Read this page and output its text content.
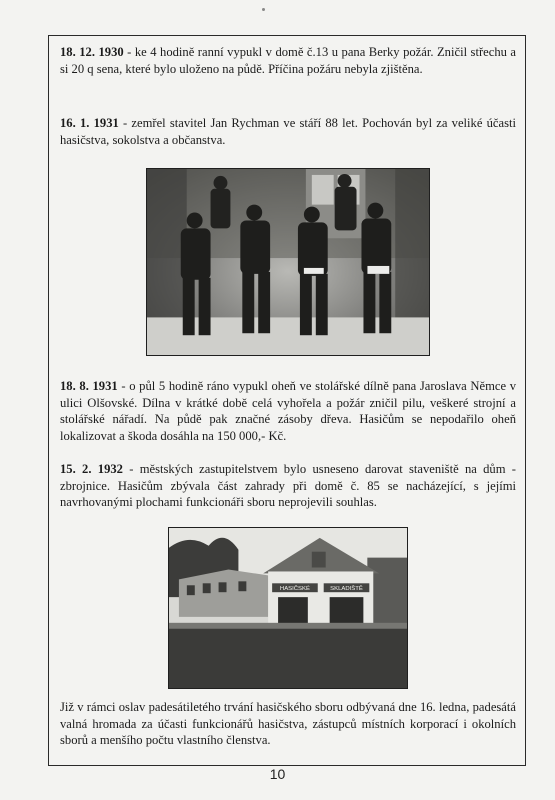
18. 12. 1930 - ke 4 hodině ranní vypukl v domě č.13 u pana Berky požár. Zničil střechu a si 20 q sena, které bylo uloženo na půdě. Příčina požáru nebyla zjištěna.

16. 1. 1931 - zemřel stavitel Jan Rychman ve stáří 88 let. Pochován byl za veliké účasti hasičstva, sokolstva a občanstva.

18. 8. 1931 - o půl 5 hodině ráno vypukl oheň ve stolářské dílně pana Jaroslava Němce v ulici Olšovské. Dílna v krátké době celá vyhořela a požár zničil pilu, veškeré strojní a stolářské nářadí. Na půdě pak značné zásoby dřeva. Hasičům se nepodařilo oheň lokalizovat a škoda dosáhla na 150 000,- Kč.

15. 2. 1932 - městských zastupitelstvem bylo usneseno darovat staveniště na dům - zbrojnice. Hasičům zbývala část zahrady při domě č. 85 se nacházející, s jejími navrhovanými plochami funkcionáři sboru neprojevili souhlas.

HASIČSKÉ	SKLADIŠTĚ

Již v rámci oslav padesátiletého trvání hasičského sboru odbývaná dne 16. ledna, padesátá valná hromada za účasti funkcionářů hasičstva, zástupců místních korporací i okolních sborů a menšího počtu vlastního členstva.

10
